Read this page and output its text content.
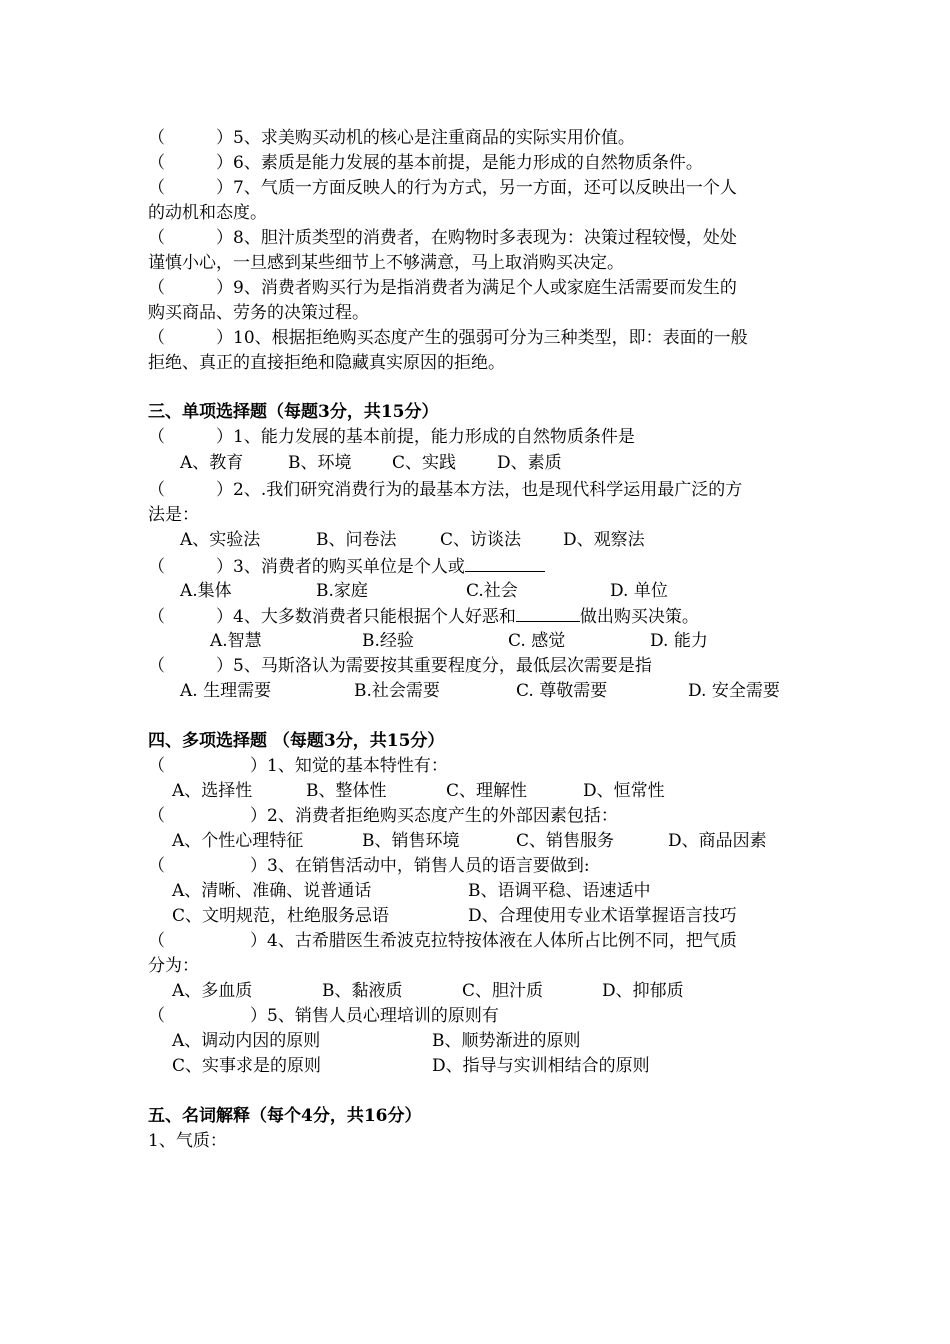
（　　　）5、求美购买动机的核心是注重商品的实际实用价值。
（　　　）6、素质是能力发展的基本前提，是能力形成的自然物质条件。
（　　　）7、气质一方面反映人的行为方式，另一方面，还可以反映出一个人
的动机和态度。
（　　　）8、胆汁质类型的消费者，在购物时多表现为：决策过程较慢，处处
谨慎小心，一旦感到某些细节上不够满意，马上取消购买决定。
（　　　）9、消费者购买行为是指消费者为满足个人或家庭生活需要而发生的
购买商品、劳务的决策过程。
（　　　）10、根据拒绝购买态度产生的强弱可分为三种类型，即：表面的一般
拒绝、真正的直接拒绝和隐藏真实原因的拒绝。
三、单项选择题（每题3分，共15分）
（　　　）1、能力发展的基本前提，能力形成的自然物质条件是
A、教育	B、环境 C、实践 D、素质
（　　　）2、.我们研究消费行为的最基本方法，也是现代科学运用最广泛的方
法是：
A、实验法	B、问卷法	C、访谈法 D、观察法
（　　　）3、消费者的购买单位是个人或
A.集体	B.家庭	C.社会	D. 单位
（　　　）4、大多数消费者只能根据个人好恶和	做出购买决策。
A.智慧	B.经验	C. 感觉	D. 能力
（　　　）5、马斯洛认为需要按其重要程度分，最低层次需要是指
A. 生理需要	B.社会需要	C. 尊敬需要	D. 安全需要
四、多项选择题 （每题3分，共15分）
（　　　　　）1、知觉的基本特性有：
A、选择性	B、整体性	C、理解性	D、恒常性
（　　　　　）2、消费者拒绝购买态度产生的外部因素包括：
A、个性心理特征	B、销售环境	C、销售服务	D、商品因素
（　　　　　）3、在销售活动中，销售人员的语言要做到:
A、清晰、准确、说普通话	B、语调平稳、语速适中
C、文明规范，杜绝服务忌语	D、合理使用专业术语掌握语言技巧
（　　　　　）4、古希腊医生希波克拉特按体液在人体所占比例不同，把气质
分为：
A、多血质	B、黏液质	C、胆汁质	D、抑郁质
（　　　　　）5、销售人员心理培训的原则有
A、调动内因的原则	B、顺势渐进的原则
C、实事求是的原则	D、指导与实训相结合的原则
五、名词解释（每个4分，共16分）
1、气质：
